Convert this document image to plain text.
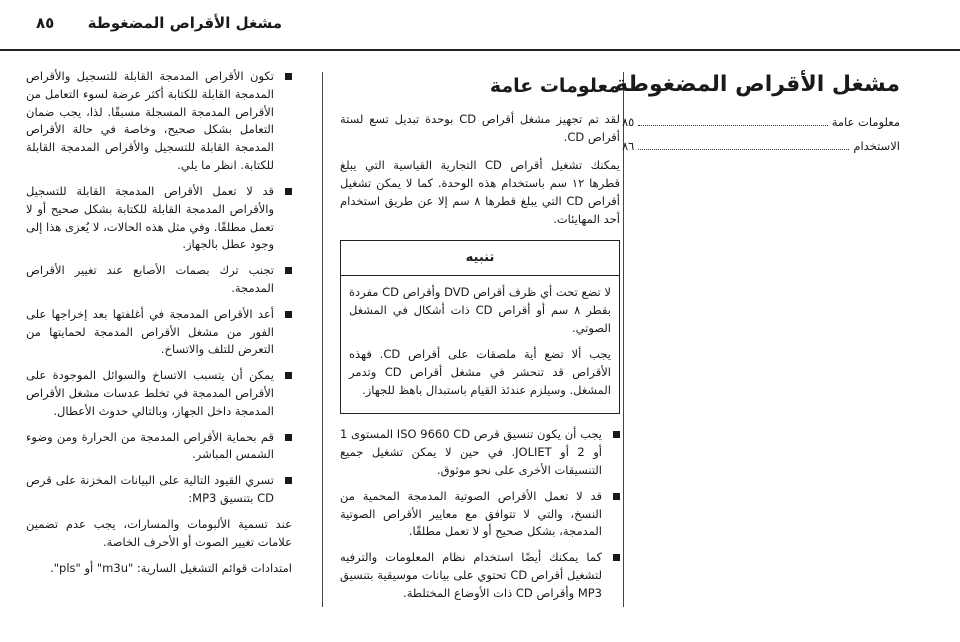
مشغل الأقراص المضغوطة
٨٥
مشغل الأقراص المضغوطة
معلومات عامة
٨٥
الاستخدام
٨٦
معلومات عامة

لقد تم تجهيز مشغل أقراص CD بوحدة تبديل تسع لستة أقراص CD.

يمكنك تشغيل أقراص CD التجارية القياسية التي يبلغ قطرها ١٢ سم باستخدام هذه الوحدة. كما لا يمكن تشغيل أقراص CD التي يبلغ قطرها ٨ سم إلا عن طريق استخدام أحد المهايئات.

تنبيه

لا تضع تحت أي ظرف أقراص DVD وأقراص CD مفردة بقطر ٨ سم أو أقراص CD ذات أشكال في المشغل الصوتي.

يجب ألا تضع أية ملصقات على أقراص CD. فهذه الأقراص قد تنحشر في مشغل أقراص CD وتدمر المشغل. وسيلزم عندئذ القيام باستبدال باهظ للجهاز.

يجب أن يكون تنسيق قرص ISO 9660 CD المستوى 1 أو 2 أو JOLIET. في حين لا يمكن تشغيل جميع التنسيقات الأخرى على نحو موثوق.
قد لا تعمل الأقراص الصوتية المدمجة المحمية من النسخ، والتي لا تتوافق مع معايير الأقراص الصوتية المدمجة، بشكل صحيح أو لا تعمل مطلقًا.
كما يمكنك أيضًا استخدام نظام المعلومات والترفيه لتشغيل أقراص CD تحتوي على بيانات موسيقية بتنسيق MP3 وأقراص CD ذات الأوضاع المختلطة.
تكون الأقراص المدمجة القابلة للتسجيل والأقراص المدمجة القابلة للكتابة أكثر عرضة لسوء التعامل من الأقراص المدمجة المسجلة مسبقًا. لذا، يجب ضمان التعامل بشكل صحيح، وخاصة في حالة الأقراص المدمجة القابلة للتسجيل والأقراص المدمجة القابلة للكتابة. انظر ما يلي.
قد لا تعمل الأقراص المدمجة القابلة للتسجيل والأقراص المدمجة القابلة للكتابة بشكل صحيح أو لا تعمل مطلقًا. وفي مثل هذه الحالات، لا يُعزى هذا إلى وجود عطل بالجهاز.
تجنب ترك بصمات الأصابع عند تغيير الأقراص المدمجة.
أعد الأقراص المدمجة في أغلفتها بعد إخراجها على الفور من مشغل الأقراص المدمجة لحمايتها من التعرض للتلف والاتساخ.
يمكن أن يتسبب الاتساخ والسوائل الموجودة على الأقراص المدمجة في تخلط عدسات مشغل الأقراص المدمجة داخل الجهاز، وبالتالي حدوث الأعطال.
قم بحماية الأقراص المدمجة من الحرارة ومن وضوء الشمس المباشر.
تسري القيود التالية على البيانات المخزنة على قرص CD بتنسيق MP3:

عند تسمية الألبومات والمسارات، يجب عدم تضمين علامات تغيير الصوت أو الأحرف الخاصة.

امتدادات قوائم التشغيل السارية: "m3u" أو "pls".
